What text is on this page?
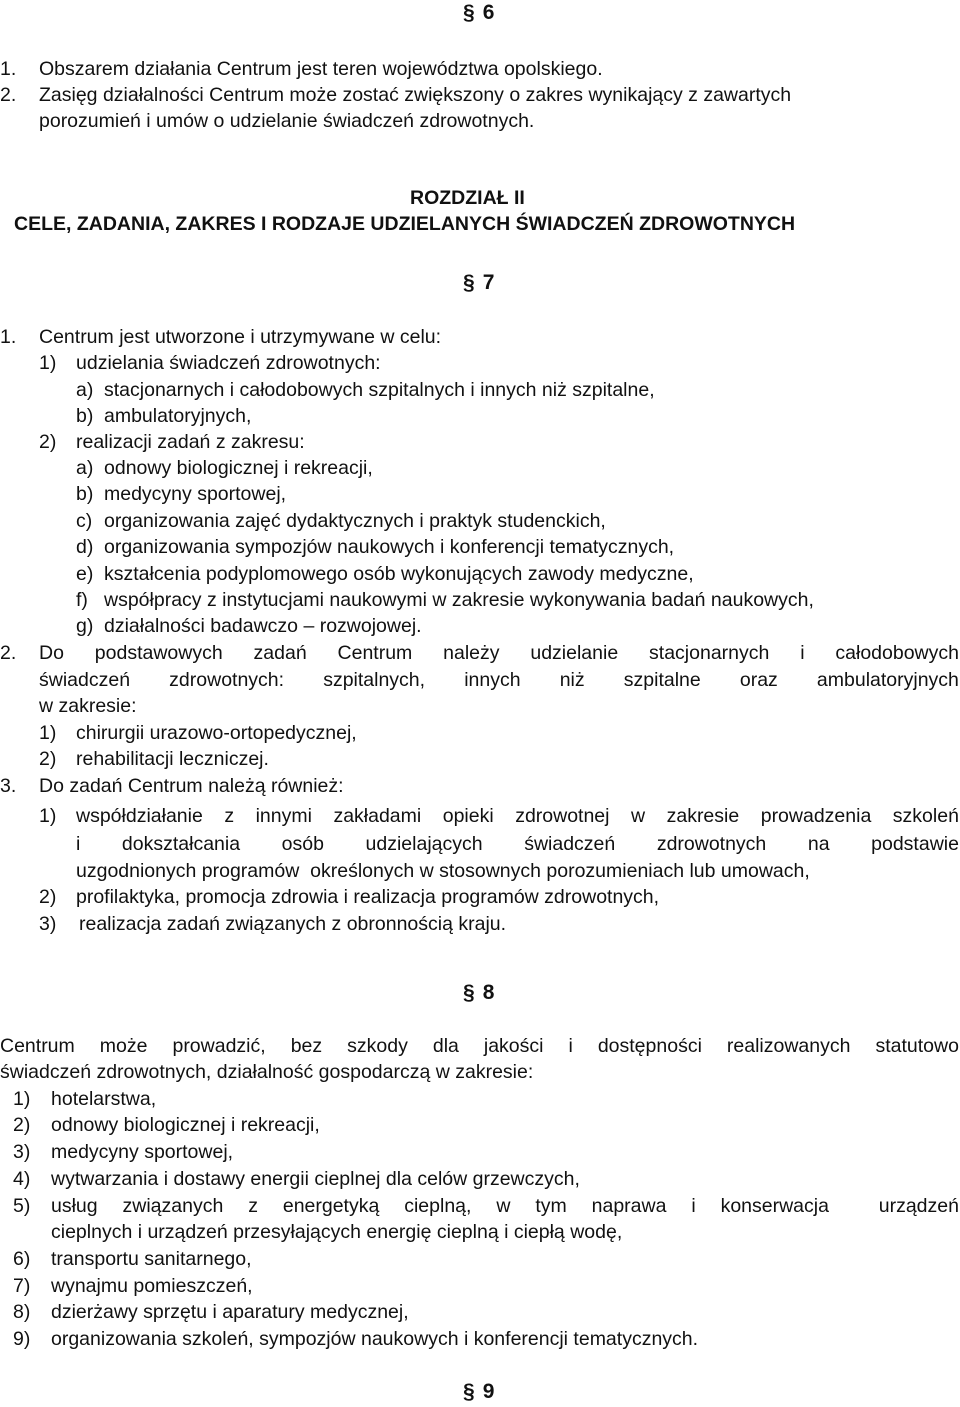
§ 6
1. Obszarem działania Centrum jest teren województwa opolskiego.
2. Zasięg działalności Centrum może zostać zwiększony o zakres wynikający z zawartych
porozumień i umów o udzielanie świadczeń zdrowotnych.
ROZDZIAŁ II
CELE, ZADANIA, ZAKRES I RODZAJE UDZIELANYCH ŚWIADCZEŃ ZDROWOTNYCH
§ 7
1. Centrum jest utworzone i utrzymywane w celu:
1) udzielania świadczeń zdrowotnych:
a) stacjonarnych i całodobowych szpitalnych i innych niż szpitalne,
b) ambulatoryjnych,
2) realizacji zadań z zakresu:
a) odnowy biologicznej i rekreacji,
b) medycyny sportowej,
c) organizowania zajęć dydaktycznych i praktyk studenckich,
d) organizowania sympozjów naukowych i konferencji tematycznych,
e) kształcenia podyplomowego osób wykonujących zawody medyczne,
f) współpracy z instytucjami naukowymi w zakresie wykonywania badań naukowych,
g) działalności badawczo – rozwojowej.
2. Do podstawowych zadań Centrum należy udzielanie stacjonarnych i całodobowych
świadczeń zdrowotnych: szpitalnych, innych niż szpitalne oraz ambulatoryjnych
w zakresie:
1) chirurgii urazowo-ortopedycznej,
2) rehabilitacji leczniczej.
3. Do zadań Centrum należą również:
1) współdziałanie z innymi zakładami opieki zdrowotnej w zakresie prowadzenia szkoleń
i dokształcania osób udzielających świadczeń zdrowotnych na podstawie
uzgodnionych programów  określonych w stosownych porozumieniach lub umowach,
2) profilaktyka, promocja zdrowia i realizacja programów zdrowotnych,
3) realizacja zadań związanych z obronnością kraju.
§ 8
Centrum może prowadzić, bez szkody dla jakości i dostępności realizowanych statutowo
świadczeń zdrowotnych, działalność gospodarczą w zakresie:
1) hotelarstwa,
2) odnowy biologicznej i rekreacji,
3) medycyny sportowej,
4) wytwarzania i dostawy energii cieplnej dla celów grzewczych,
5) usług związanych z energetyką cieplną, w tym naprawa i konserwacja	urządzeń
cieplnych i urządzeń przesyłających energię cieplną i ciepłą wodę,
6) transportu sanitarnego,
7) wynajmu pomieszczeń,
8) dzierżawy sprzętu i aparatury medycznej,
9) organizowania szkoleń, sympozjów naukowych i konferencji tematycznych.
§ 9
